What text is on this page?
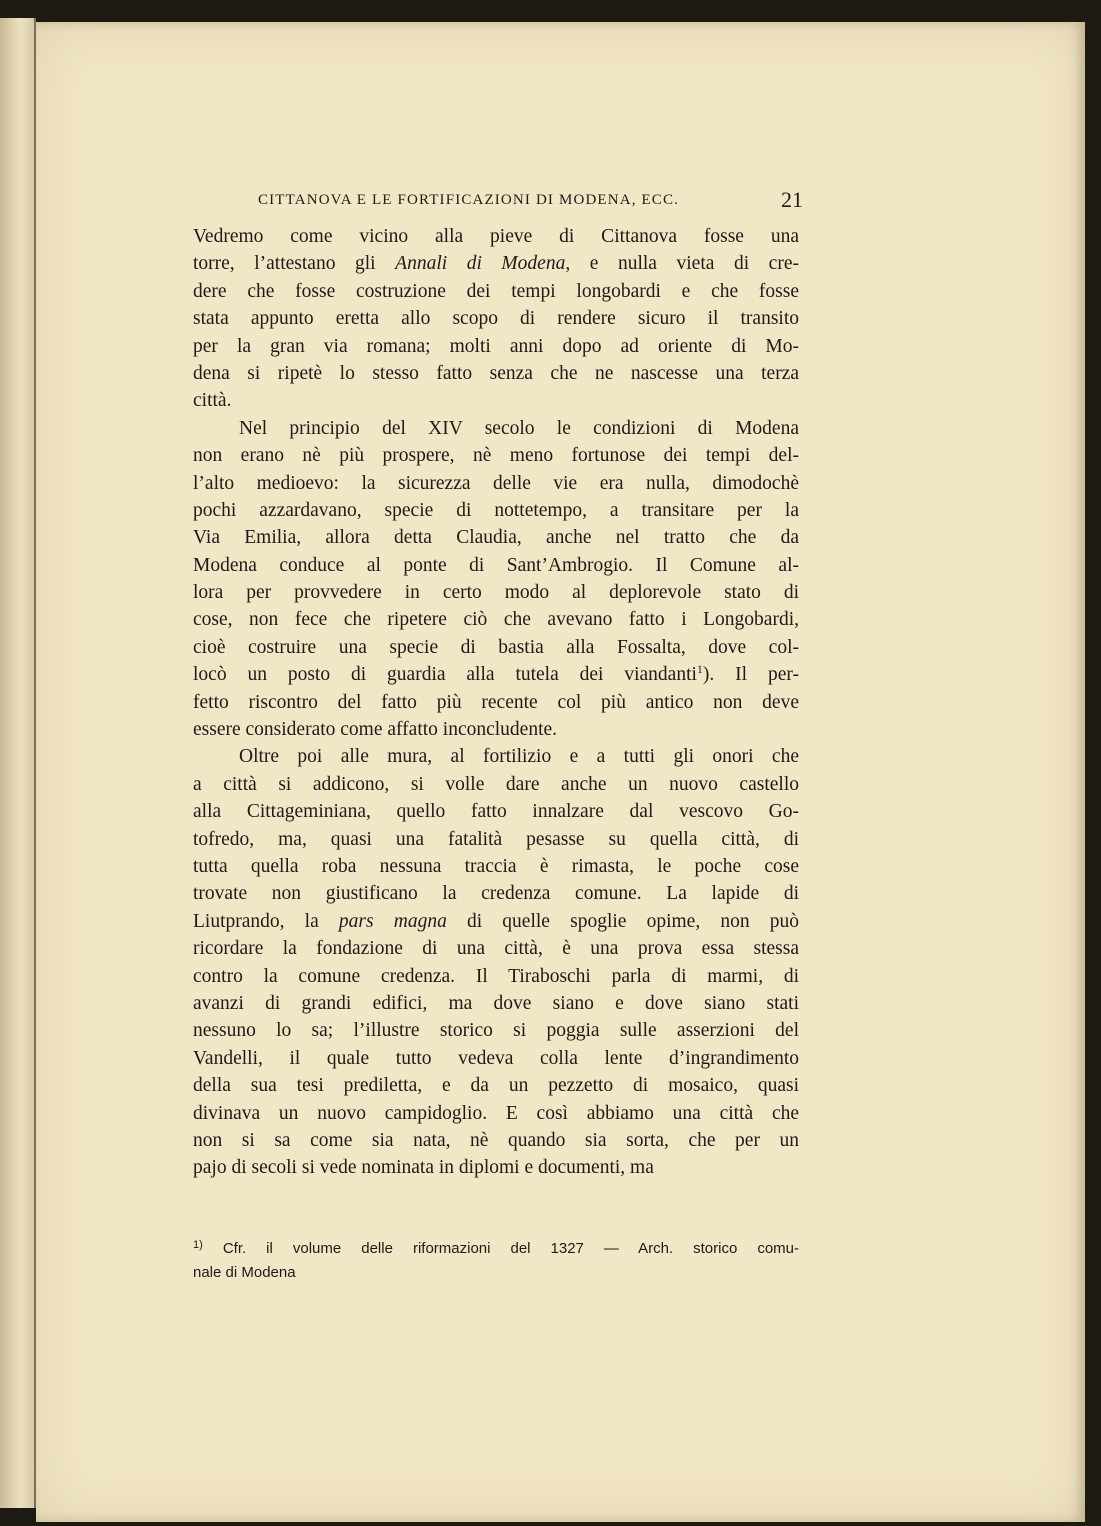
CITTANOVA E LE FORTIFICAZIONI DI MODENA, ECC.	21

Vedremo come vicino alla pieve di Cittanova fosse una
torre, l’attestano gli Annali di Modena, e nulla vieta di cre-
dere che fosse costruzione dei tempi longobardi e che fosse
stata appunto eretta allo scopo di rendere sicuro il transito
per la gran via romana; molti anni dopo ad oriente di Mo-
dena si ripetè lo stesso fatto senza che ne nascesse una terza
città.

Nel principio del XIV secolo le condizioni di Modena
non erano nè più prospere, nè meno fortunose dei tempi del-
l’alto medioevo: la sicurezza delle vie era nulla, dimodochè
pochi azzardavano, specie di nottetempo, a transitare per la
Via Emilia, allora detta Claudia, anche nel tratto che da
Modena conduce al ponte di Sant’Ambrogio. Il Comune al-
lora per provvedere in certo modo al deplorevole stato di
cose, non fece che ripetere ciò che avevano fatto i Longobardi,
cioè costruire una specie di bastia alla Fossalta, dove col-
locò un posto di guardia alla tutela dei viandanti$^1$). Il per-
fetto riscontro del fatto più recente col più antico non deve
essere considerato come affatto inconcludente.

Oltre poi alle mura, al fortilizio e a tutti gli onori che
a città si addicono, si volle dare anche un nuovo castello
alla Cittageminiana, quello fatto innalzare dal vescovo Go-
tofredo, ma, quasi una fatalità pesasse su quella città, di
tutta quella roba nessuna traccia è rimasta, le poche cose
trovate non giustificano la credenza comune. La lapide di
Liutprando, la pars magna di quelle spoglie opime, non può
ricordare la fondazione di una città, è una prova essa stessa
contro la comune credenza. Il Tiraboschi parla di marmi, di
avanzi di grandi edifici, ma dove siano e dove siano stati
nessuno lo sa; l’illustre storico si poggia sulle asserzioni del
Vandelli, il quale tutto vedeva colla lente d’ingrandimento
della sua tesi prediletta, e da un pezzetto di mosaico, quasi
divinava un nuovo campidoglio. E così abbiamo una città che
non si sa come sia nata, nè quando sia sorta, che per un
pajo di secoli si vede nominata in diplomi e documenti, ma

$^{1)}$ Cfr. il volume delle riformazioni del 1327 — Arch. storico comu-
nale di Modena
